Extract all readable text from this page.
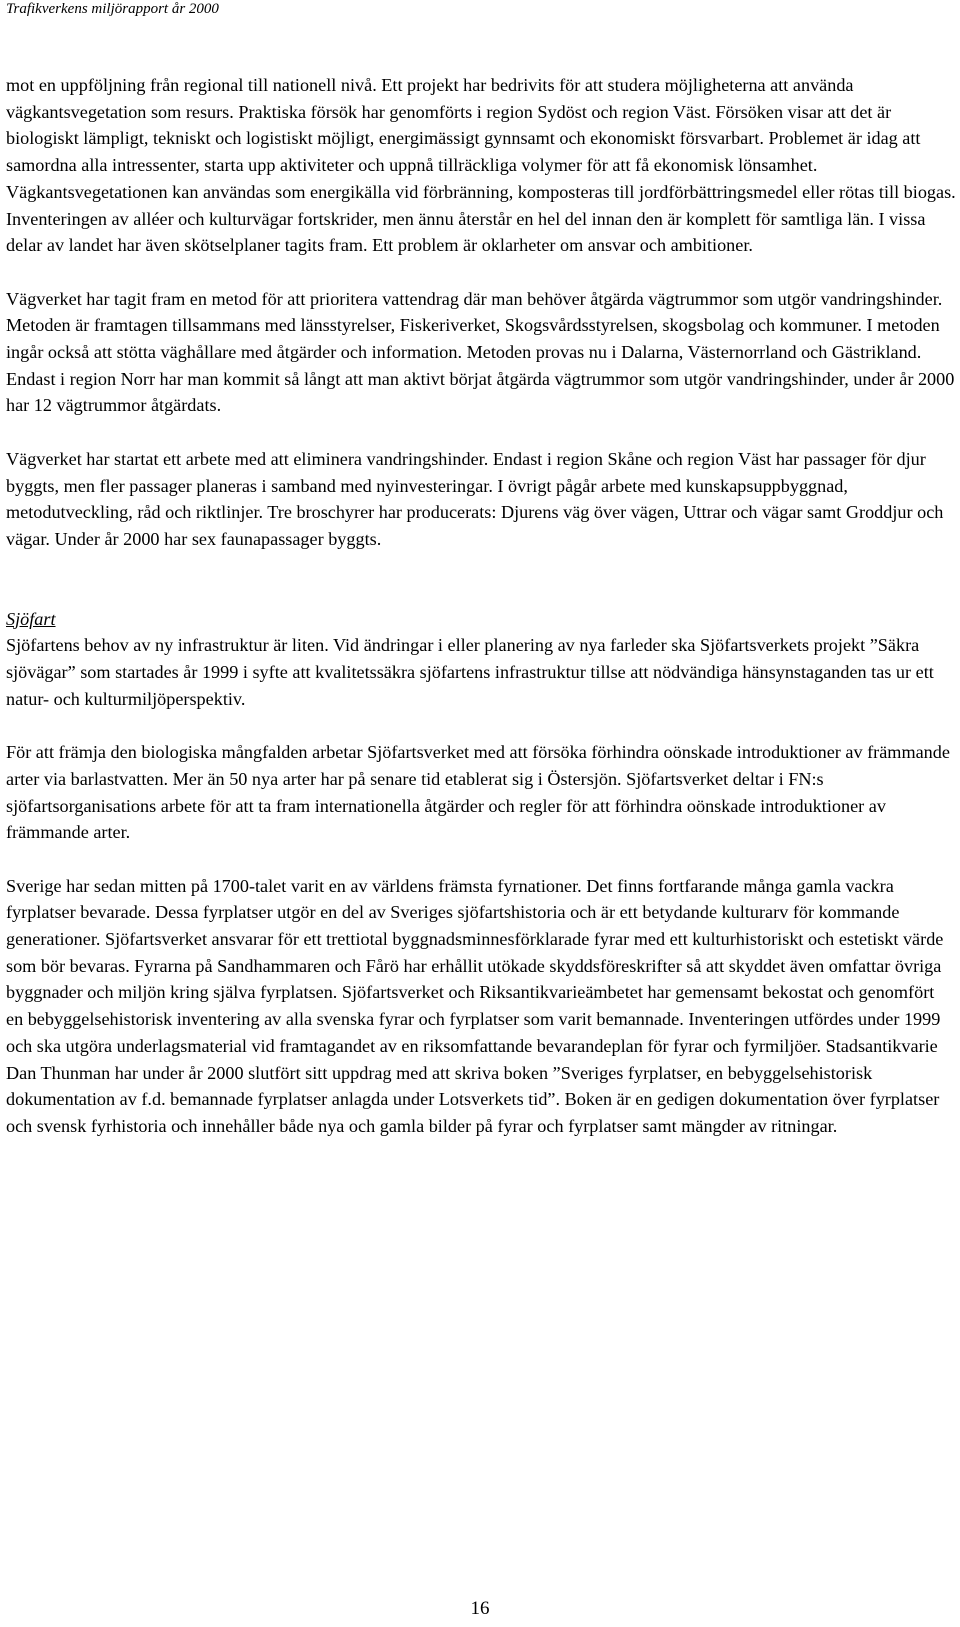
Trafikverkens miljörapport år 2000

mot en uppföljning från regional till nationell nivå. Ett projekt har bedrivits för att studera möjligheterna att använda vägkantsvegetation som resurs. Praktiska försök har genomförts i region Sydöst och region Väst. Försöken visar att det är biologiskt lämpligt, tekniskt och logistiskt möjligt, energimässigt gynnsamt och ekonomiskt försvarbart. Problemet är idag att samordna alla intressenter, starta upp aktiviteter och uppnå tillräckliga volymer för att få ekonomisk lönsamhet. Vägkantsvegetationen kan användas som energikälla vid förbränning, komposteras till jordförbättringsmedel eller rötas till biogas. Inventeringen av alléer och kulturvägar fortskrider, men ännu återstår en hel del innan den är komplett för samtliga län. I vissa delar av landet har även skötselplaner tagits fram. Ett problem är oklarheter om ansvar och ambitioner.

Vägverket har tagit fram en metod för att prioritera vattendrag där man behöver åtgärda vägtrummor som utgör vandringshinder. Metoden är framtagen tillsammans med länsstyrelser, Fiskeriverket, Skogsvårdsstyrelsen, skogsbolag och kommuner. I metoden ingår också att stötta väghållare med åtgärder och information. Metoden provas nu i Dalarna, Västernorrland och Gästrikland. Endast i region Norr har man kommit så långt att man aktivt börjat åtgärda vägtrummor som utgör vandringshinder, under år 2000 har 12 vägtrummor åtgärdats.

Vägverket har startat ett arbete med att eliminera vandringshinder. Endast i region Skåne och region Väst har passager för djur byggts, men fler passager planeras i samband med nyinvesteringar. I övrigt pågår arbete med kunskapsuppbyggnad, metodutveckling, råd och riktlinjer. Tre broschyrer har producerats: Djurens väg över vägen, Uttrar och vägar samt Groddjur och vägar. Under år 2000 har sex faunapassager byggts.

Sjöfart

Sjöfartens behov av ny infrastruktur är liten. Vid ändringar i eller planering av nya farleder ska Sjöfartsverkets projekt ”Säkra sjövägar” som startades år 1999 i syfte att kvalitetssäkra sjöfartens infrastruktur tillse att nödvändiga hänsynstaganden tas ur ett natur- och kulturmiljöperspektiv.

För att främja den biologiska mångfalden arbetar Sjöfartsverket med att försöka förhindra oönskade introduktioner av främmande arter via barlastvatten. Mer än 50 nya arter har på senare tid etablerat sig i Östersjön. Sjöfartsverket deltar i FN:s sjöfartsorganisations arbete för att ta fram internationella åtgärder och regler för att förhindra oönskade introduktioner av främmande arter.

Sverige har sedan mitten på 1700-talet varit en av världens främsta fyrnationer. Det finns fortfarande många gamla vackra fyrplatser bevarade. Dessa fyrplatser utgör en del av Sveriges sjöfartshistoria och är ett betydande kulturarv för kommande generationer. Sjöfartsverket ansvarar för ett trettiotal byggnadsminnesförklarade fyrar med ett kulturhistoriskt och estetiskt värde som bör bevaras. Fyrarna på Sandhammaren och Fårö har erhållit utökade skyddsföreskrifter så att skyddet även omfattar övriga byggnader och miljön kring själva fyrplatsen. Sjöfartsverket och Riksantikvarieämbetet har gemensamt bekostat och genomfört en bebyggelsehistorisk inventering av alla svenska fyrar och fyrplatser som varit bemannade. Inventeringen utfördes under 1999 och ska utgöra underlagsmaterial vid framtagandet av en riksomfattande bevarandeplan för fyrar och fyrmiljöer. Stadsantikvarie Dan Thunman har under år 2000 slutfört sitt uppdrag med att skriva boken ”Sveriges fyrplatser, en bebyggelsehistorisk dokumentation av f.d. bemannade fyrplatser anlagda under Lotsverkets tid”. Boken är en gedigen dokumentation över fyrplatser och svensk fyrhistoria och innehåller både nya och gamla bilder på fyrar och fyrplatser samt mängder av ritningar.

16
